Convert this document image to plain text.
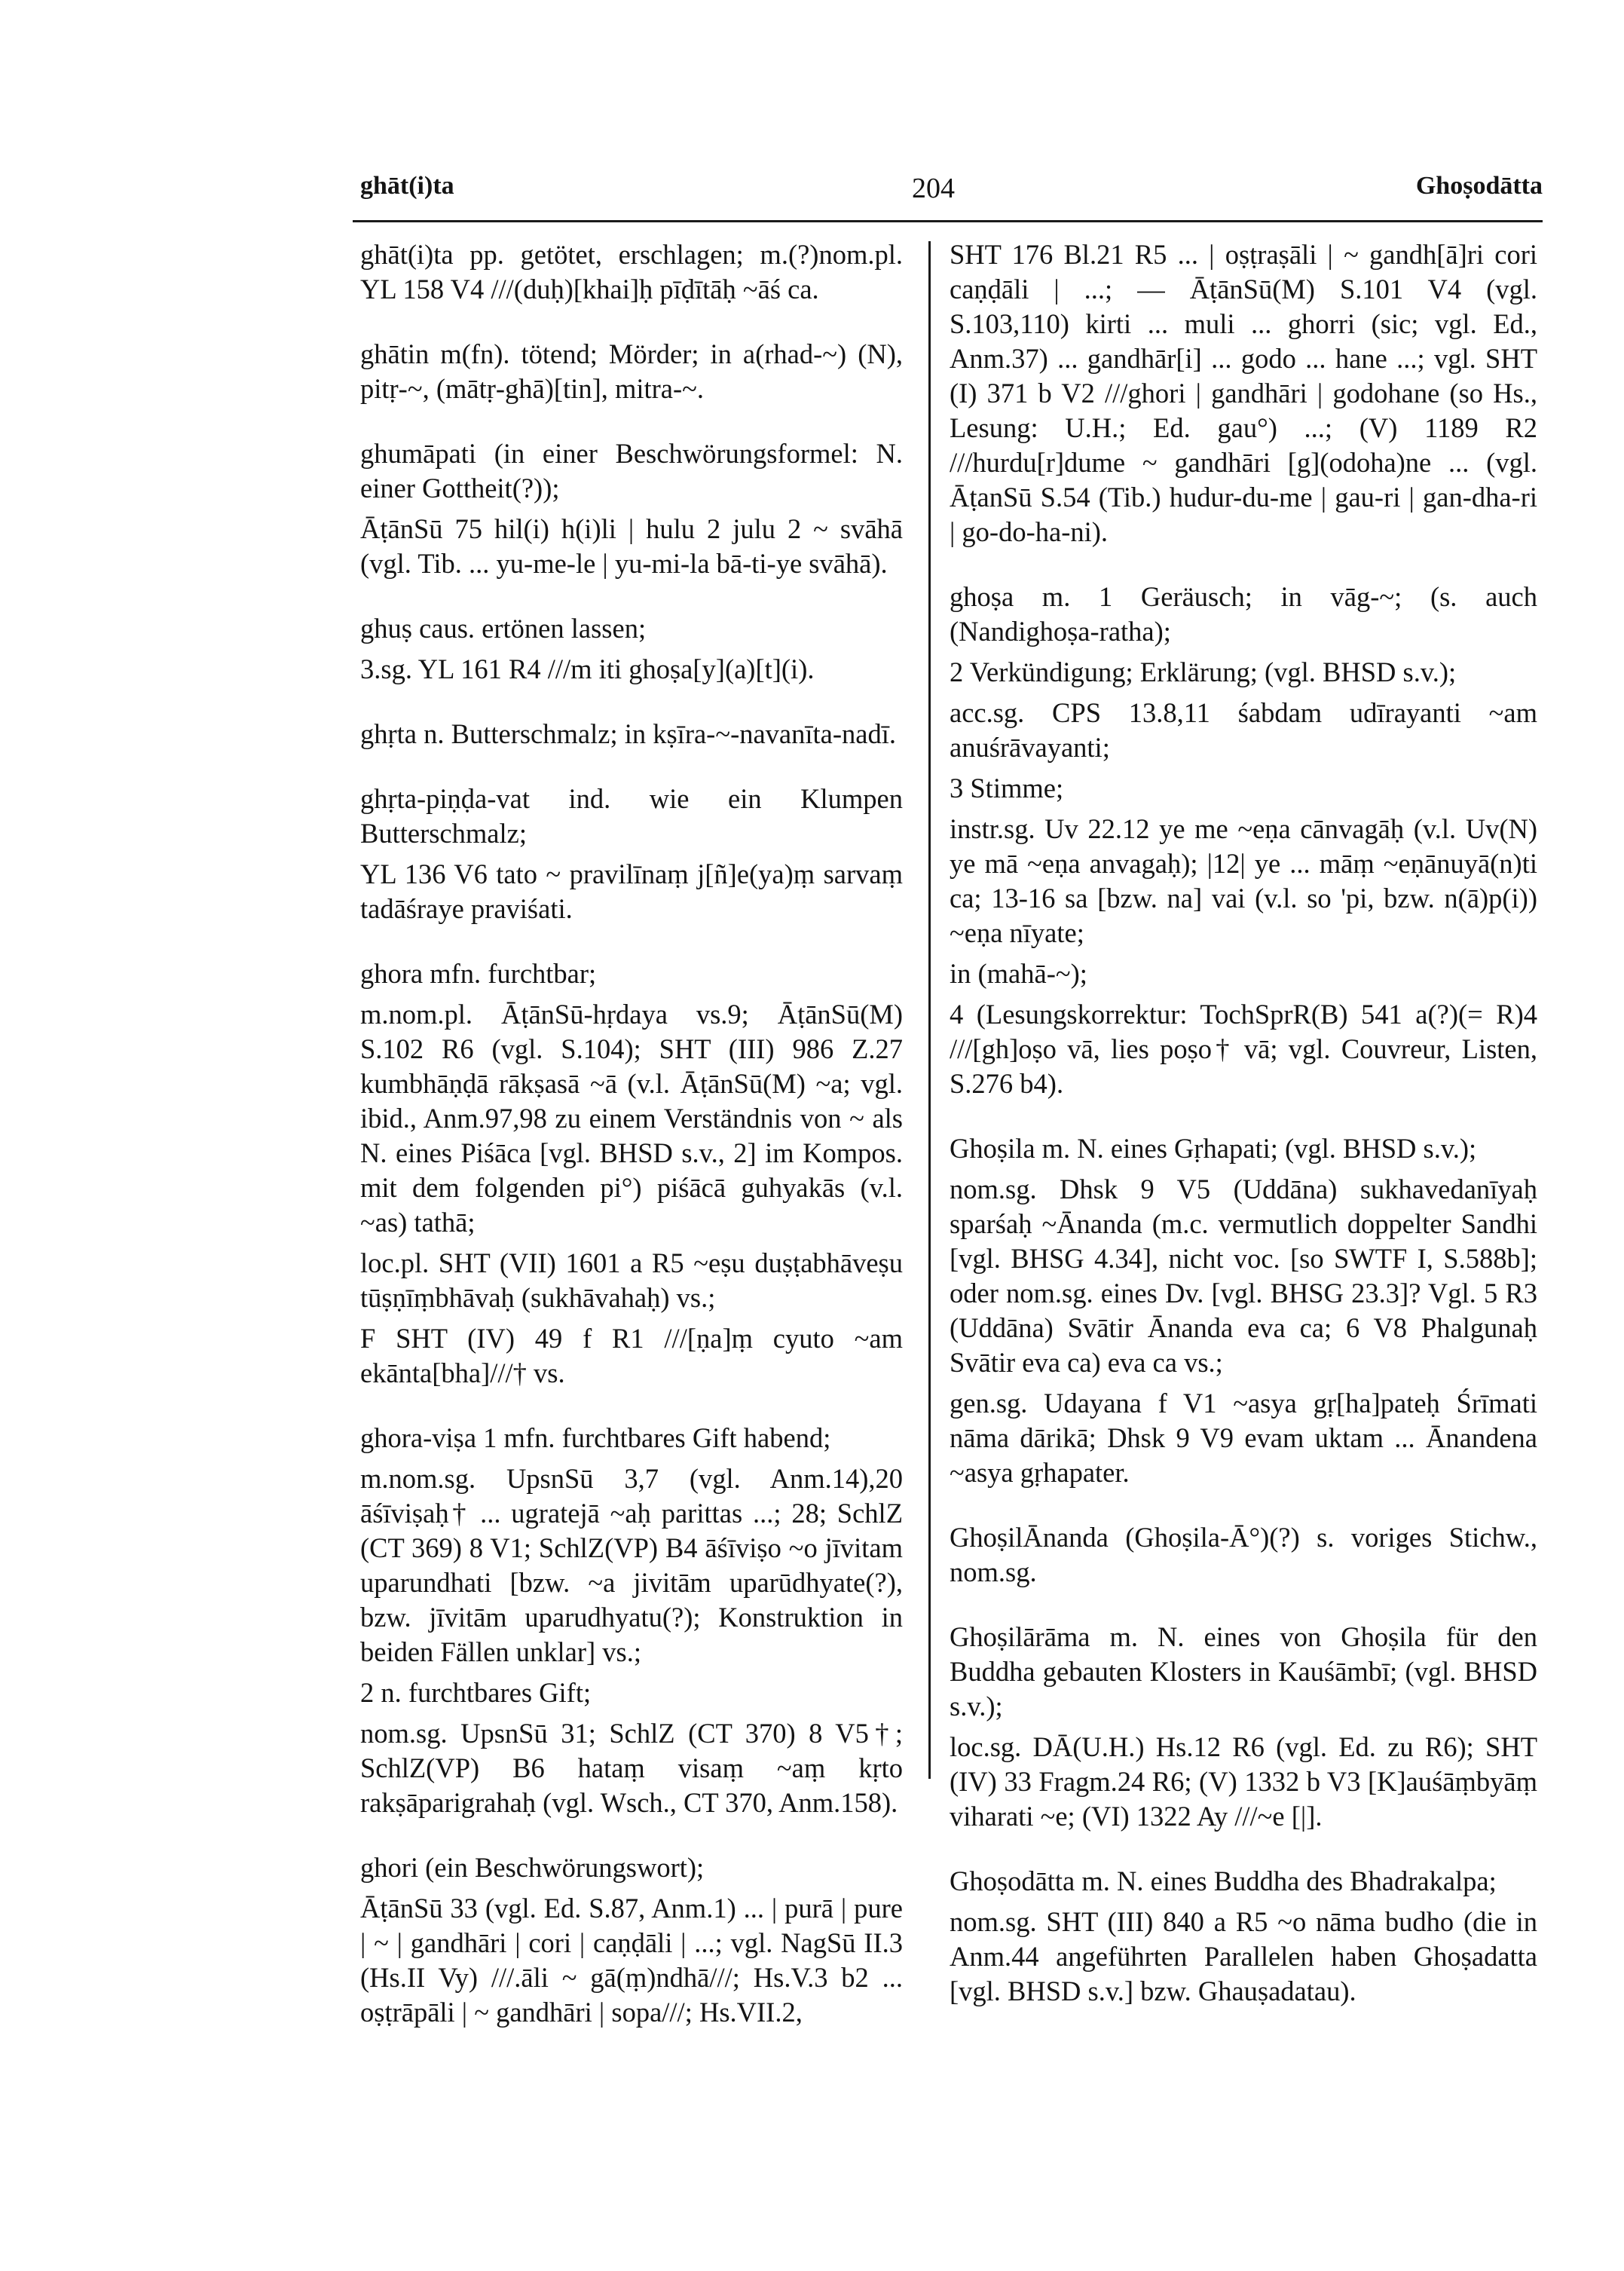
ghāt(i)ta	204	Ghoṣodātta

ghāt(i)ta pp. getötet, erschlagen; m.(?)nom.pl. YL 158 V4 ///(duḥ)[khai]ḥ pīḍītāḥ ~āś ca.

ghātin m(fn). tötend; Mörder; in a(rhad-~) (N), pitṛ-~, (mātṛ-ghā)[tin], mitra-~.

ghumāpati (in einer Beschwörungsformel: N. einer Gottheit(?));

ĀṭānSū 75 hil(i) h(i)li | hulu 2 julu 2 ~ svāhā (vgl. Tib. ... yu-me-le | yu-mi-la bā-ti-ye svāhā).

ghuṣ caus. ertönen lassen;

3.sg. YL 161 R4 ///m iti ghoṣa[y](a)[t](i).

ghṛta n. Butterschmalz; in kṣīra-~-navanīta-nadī.

ghṛta-piṇḍa-vat ind. wie ein Klumpen Butterschmalz;

YL 136 V6 tato ~ pravilīnaṃ j[ñ]e(ya)ṃ sarvaṃ tadāśraye praviśati.

ghora mfn. furchtbar;

m.nom.pl. ĀṭānSū-hṛdaya vs.9; ĀṭānSū(M) S.102 R6 (vgl. S.104); SHT (III) 986 Z.27 kumbhāṇḍā rākṣasā ~ā (v.l. ĀṭānSū(M) ~a; vgl. ibid., Anm.97,98 zu einem Verständnis von ~ als N. eines Piśāca [vgl. BHSD s.v., 2] im Kompos. mit dem folgenden pi°) piśācā guhyakās (v.l. ~as) tathā;

loc.pl. SHT (VII) 1601 a R5 ~eṣu duṣṭabhāveṣu tūṣṇīṃbhāvaḥ (sukhāvahaḥ) vs.;

F SHT (IV) 49 f R1 ///[ṇa]ṃ cyuto ~am ekānta[bha]///† vs.

ghora-viṣa 1 mfn. furchtbares Gift habend;

m.nom.sg. UpsnSū 3,7 (vgl. Anm.14),20 āśīviṣaḥ† ... ugratejā ~aḥ parittas ...; 28; SchlZ (CT 369) 8 V1; SchlZ(VP) B4 āśīviṣo ~o jīvitam uparundhati [bzw. ~a jivitām uparūdhyate(?), bzw. jīvitām uparudhyatu(?); Konstruktion in beiden Fällen unklar] vs.;

2 n. furchtbares Gift;

nom.sg. UpsnSū 31; SchlZ (CT 370) 8 V5†; SchlZ(VP) B6 hataṃ visaṃ ~aṃ kṛto rakṣāparigrahaḥ (vgl. Wsch., CT 370, Anm.158).

ghori (ein Beschwörungswort);

ĀṭānSū 33 (vgl. Ed. S.87, Anm.1) ... | purā | pure | ~ | gandhāri | cori | caṇḍāli | ...; vgl. NagSū II.3 (Hs.II Vy) ///.āli ~ gā(ṃ)ndhā///; Hs.V.3 b2 ... oṣṭrāpāli | ~ gandhāri | sopa///; Hs.VII.2,

SHT 176 Bl.21 R5 ... | oṣṭraṣāli | ~ gandh[ā]ri cori caṇḍāli | ...; — ĀṭānSū(M) S.101 V4 (vgl. S.103,110) kirti ... muli ... ghorri (sic; vgl. Ed., Anm.37) ... gandhār[i] ... godo ... hane ...; vgl. SHT (I) 371 b V2 ///ghori | gandhāri | godohane (so Hs., Lesung: U.H.; Ed. gau°) ...; (V) 1189 R2 ///hurdu[r]dume ~ gandhāri [g](odoha)ne ... (vgl. ĀṭanSū S.54 (Tib.) hudur-du-me | gau-ri | gan-dha-ri | go-do-ha-ni).

ghoṣa m. 1 Geräusch; in vāg-~; (s. auch (Nandighoṣa-ratha);

2 Verkündigung; Erklärung; (vgl. BHSD s.v.);

acc.sg. CPS 13.8,11 śabdam udīrayanti ~am anuśrāvayanti;

3 Stimme;

instr.sg. Uv 22.12 ye me ~eṇa cānvagāḥ (v.l. Uv(N) ye mā ~eṇa anvagaḥ); |12| ye ... māṃ ~eṇānuyā(n)ti ca; 13-16 sa [bzw. na] vai (v.l. so 'pi, bzw. n(ā)p(i)) ~eṇa nīyate;

in (mahā-~);

4 (Lesungskorrektur: TochSprR(B) 541 a(?)(= R)4 ///[gh]oṣo vā, lies poṣo† vā; vgl. Couvreur, Listen, S.276 b4).

Ghoṣila m. N. eines Gṛhapati; (vgl. BHSD s.v.);

nom.sg. Dhsk 9 V5 (Uddāna) sukhavedanīyaḥ sparśaḥ ~Ānanda (m.c. vermutlich doppelter Sandhi [vgl. BHSG 4.34], nicht voc. [so SWTF I, S.588b]; oder nom.sg. eines Dv. [vgl. BHSG 23.3]? Vgl. 5 R3 (Uddāna) Svātir Ānanda eva ca; 6 V8 Phalgunaḥ Svātir eva ca) eva ca vs.;

gen.sg. Udayana f V1 ~asya gṛ[ha]pateḥ Śrīmati nāma dārikā; Dhsk 9 V9 evam uktam ... Ānandena ~asya gṛhapater.

GhoṣilĀnanda (Ghoṣila-Ā°)(?) s. voriges Stichw., nom.sg.

Ghoṣilārāma m. N. eines von Ghoṣila für den Buddha gebauten Klosters in Kauśāmbī; (vgl. BHSD s.v.);

loc.sg. DĀ(U.H.) Hs.12 R6 (vgl. Ed. zu R6); SHT (IV) 33 Fragm.24 R6; (V) 1332 b V3 [K]auśāṃbyāṃ viharati ~e; (VI) 1322 Ay ///~e [|].

Ghoṣodātta m. N. eines Buddha des Bhadrakalpa;

nom.sg. SHT (III) 840 a R5 ~o nāma budho (die in Anm.44 angeführten Parallelen haben Ghoṣadatta [vgl. BHSD s.v.] bzw. Ghauṣadatau).
